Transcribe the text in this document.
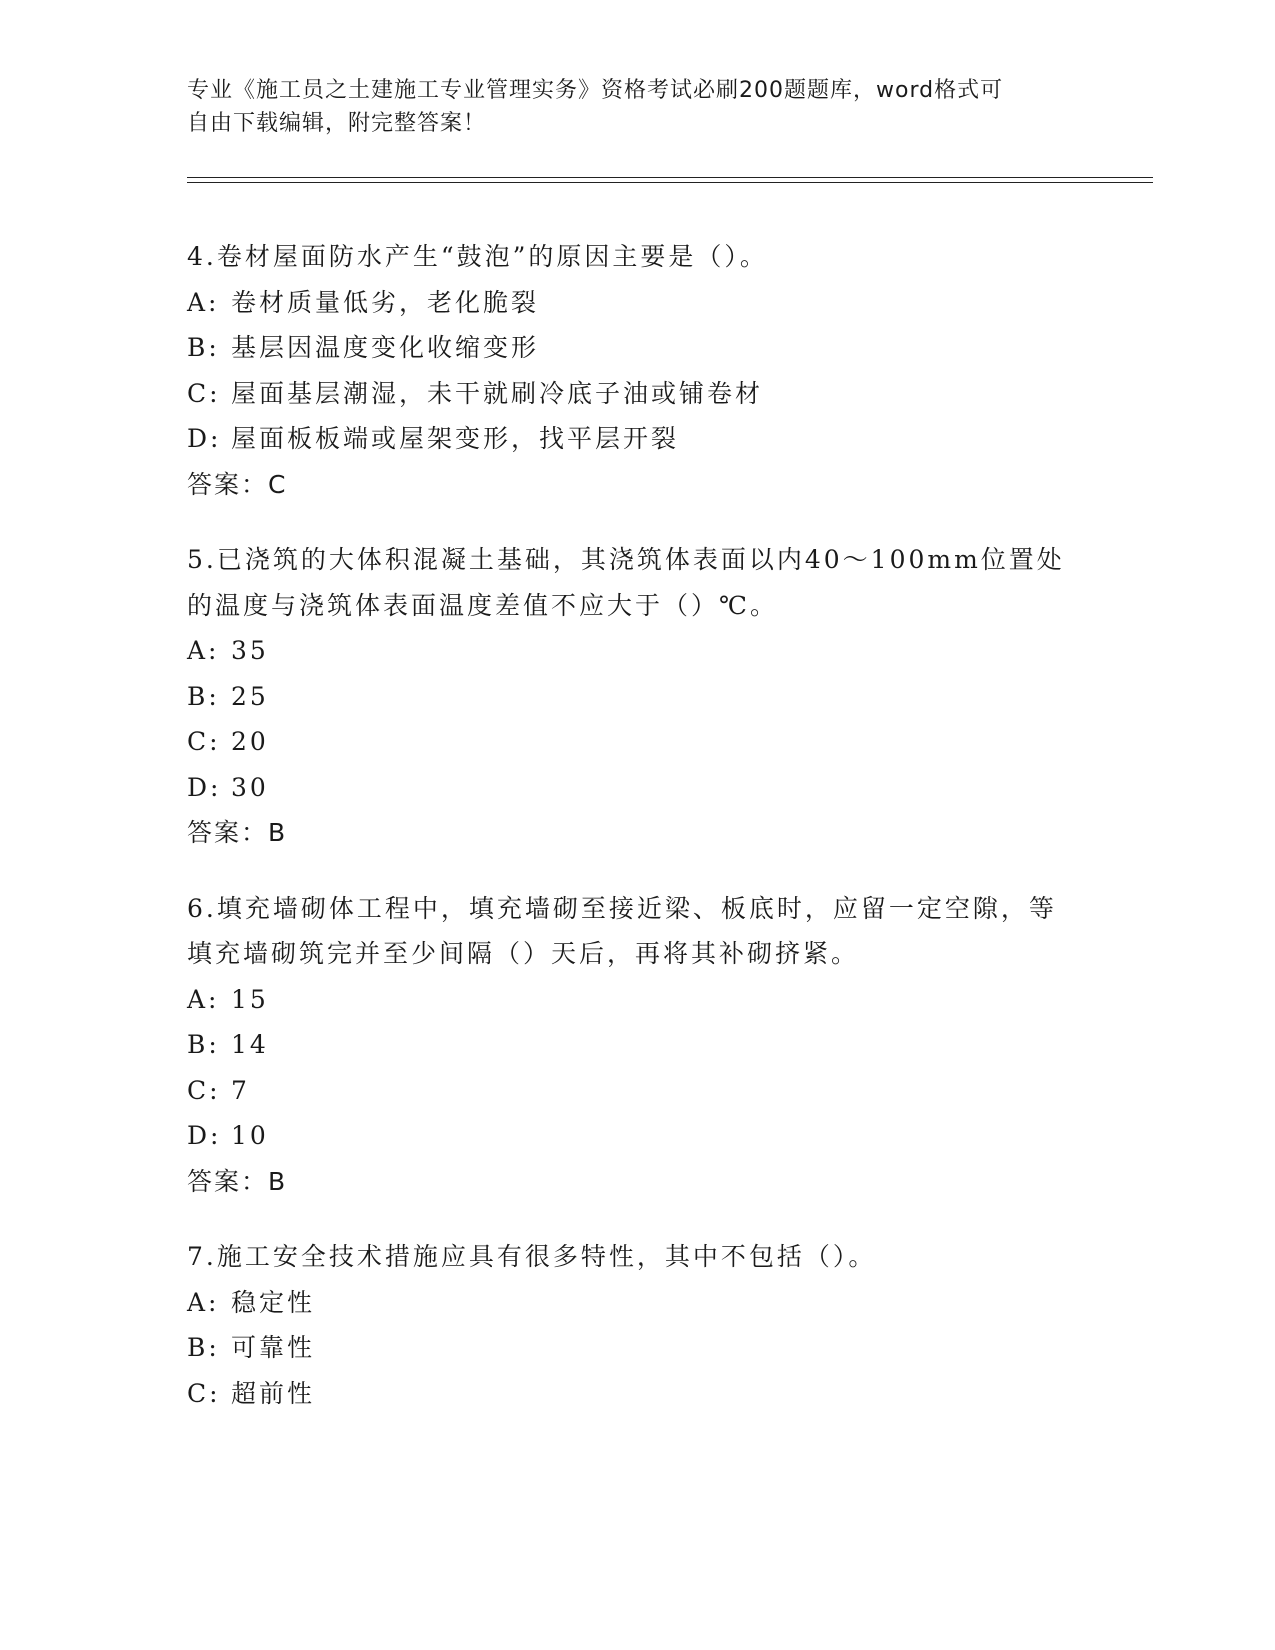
专业《施工员之土建施工专业管理实务》资格考试必刷200题题库，word格式可
自由下载编辑，附完整答案！

4.卷材屋面防水产生“鼓泡”的原因主要是（）。

A: 卷材质量低劣，老化脆裂

B: 基层因温度变化收缩变形

C: 屋面基层潮湿，未干就刷冷底子油或铺卷材

D: 屋面板板端或屋架变形，找平层开裂

答案：C

5.已浇筑的大体积混凝土基础，其浇筑体表面以内40～100mm位置处的温度与浇筑体表面温度差值不应大于（）℃。

A: 35

B: 25

C: 20

D: 30

答案：B

6.填充墙砌体工程中，填充墙砌至接近梁、板底时，应留一定空隙，等填充墙砌筑完并至少间隔（）天后，再将其补砌挤紧。

A: 15

B: 14

C: 7

D: 10

答案：B

7.施工安全技术措施应具有很多特性，其中不包括（）。

A: 稳定性

B: 可靠性

C: 超前性
